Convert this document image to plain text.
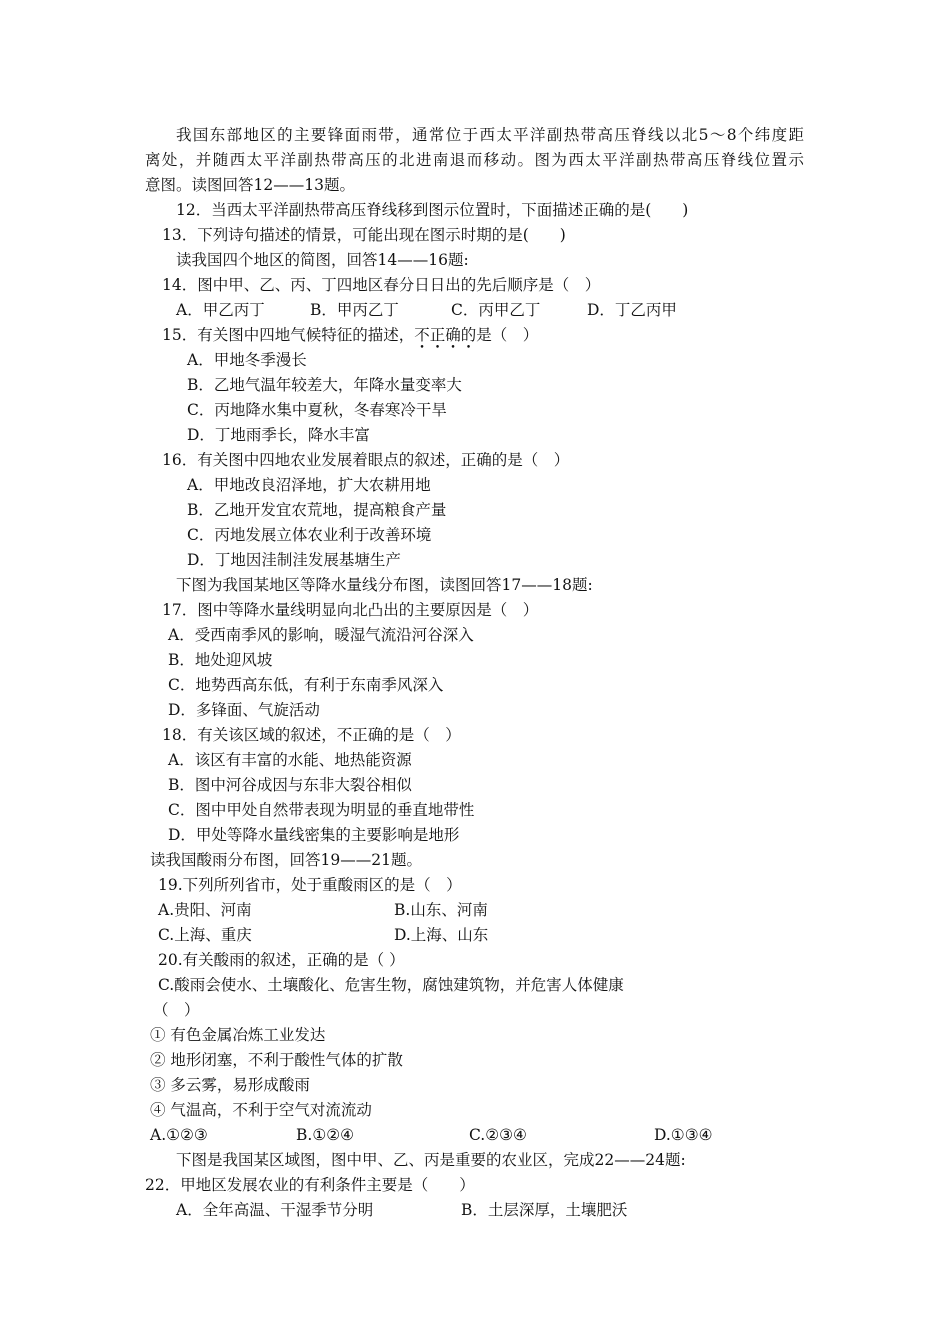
我国东部地区的主要锋面雨带，通常位于西太平洋副热带高压脊线以北5～8个纬度距
离处，并随西太平洋副热带高压的北进南退而移动。图为西太平洋副热带高压脊线位置示
意图。读图回答12——13题。
12．当西太平洋副热带高压脊线移到图示位置时，下面描述正确的是(　　)
13．下列诗句描述的情景，可能出现在图示时期的是(　　)
读我国四个地区的简图，回答14——16题:
14．图中甲、乙、丙、丁四地区春分日日出的先后顺序是（　）
A．甲乙丙丁	B．甲丙乙丁	C．丙甲乙丁	D．丁乙丙甲
15．有关图中四地气候特征的描述，不正确的是（　）
A．甲地冬季漫长
B．乙地气温年较差大，年降水量变率大
C．丙地降水集中夏秋，冬春寒冷干旱
D．丁地雨季长，降水丰富
16．有关图中四地农业发展着眼点的叙述，正确的是（　）
A．甲地改良沼泽地，扩大农耕用地
B．乙地开发宜农荒地，提高粮食产量
C．丙地发展立体农业利于改善环境
D．丁地因洼制洼发展基塘生产
下图为我国某地区等降水量线分布图，读图回答17——18题:
17．图中等降水量线明显向北凸出的主要原因是（　）
A．受西南季风的影响，暖湿气流沿河谷深入
B．地处迎风坡
C．地势西高东低，有利于东南季风深入
D．多锋面、气旋活动
18．有关该区域的叙述，不正确的是（　）
A．该区有丰富的水能、地热能资源
B．图中河谷成因与东非大裂谷相似
C．图中甲处自然带表现为明显的垂直地带性
D．甲处等降水量线密集的主要影响是地形
读我国酸雨分布图，回答19——21题。
19.下列所列省市，处于重酸雨区的是（　）
A.贵阳、河南	B.山东、河南
C.上海、重庆	D.上海、山东
20.有关酸雨的叙述，正确的是（ ）
C.酸雨会使水、土壤酸化、危害生物，腐蚀建筑物，并危害人体健康
（　）
① 有色金属冶炼工业发达
② 地形闭塞，不利于酸性气体的扩散
③ 多云雾，易形成酸雨
④ 气温高，不利于空气对流流动
A.①②③	B.①②④	C.②③④	D.①③④
下图是我国某区域图，图中甲、乙、丙是重要的农业区，完成22——24题:
22．甲地区发展农业的有利条件主要是（　　）
A．全年高温、干湿季节分明	B．土层深厚，土壤肥沃
